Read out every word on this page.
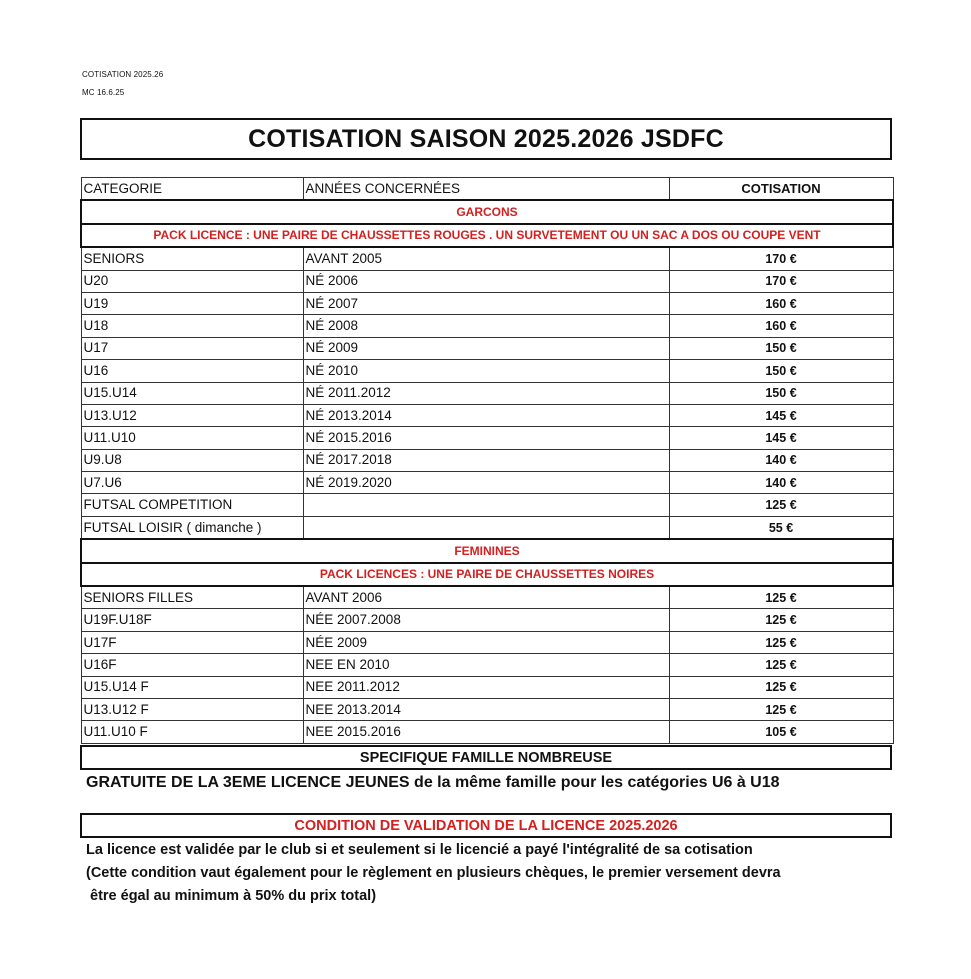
COTISATION 2025.26
MC 16.6.25
COTISATION SAISON 2025.2026 JSDFC
CATEGORIE	ANNÉES CONCERNÉES	COTISATION
GARCONS		
PACK LICENCE : UNE PAIRE DE CHAUSSETTES ROUGES . UN SURVETEMENT OU UN SAC A DOS OU COUPE VENT		
SENIORS	AVANT 2005	170 €
U20	NÉ 2006	170 €
U19	NÉ 2007	160 €
U18	NÉ 2008	160 €
U17	NÉ 2009	150 €
U16	NÉ 2010	150 €
U15.U14	NÉ 2011.2012	150 €
U13.U12	NÉ 2013.2014	145 €
U11.U10	NÉ 2015.2016	145 €
U9.U8	NÉ 2017.2018	140 €
U7.U6	NÉ 2019.2020	140 €
FUTSAL COMPETITION		125 €
FUTSAL LOISIR ( dimanche )		55 €
FEMININES		
PACK LICENCES : UNE PAIRE DE CHAUSSETTES NOIRES		
SENIORS FILLES	AVANT 2006	125 €
U19F.U18F	NÉE 2007.2008	125 €
U17F	NÉE 2009	125 €
U16F	NEE EN 2010	125 €
U15.U14 F	NEE 2011.2012	125 €
U13.U12 F	NEE 2013.2014	125 €
U11.U10 F	NEE 2015.2016	105 €
SPECIFIQUE FAMILLE NOMBREUSE
GRATUITE DE LA 3EME LICENCE JEUNES de la même famille pour les catégories U6 à U18
CONDITION DE VALIDATION DE LA LICENCE 2025.2026
La licence est validée par le club si et seulement si le licencié a payé l'intégralité de sa cotisation
(Cette condition vaut également pour le règlement en plusieurs chèques, le premier versement devra
être égal au minimum à 50% du prix total)
